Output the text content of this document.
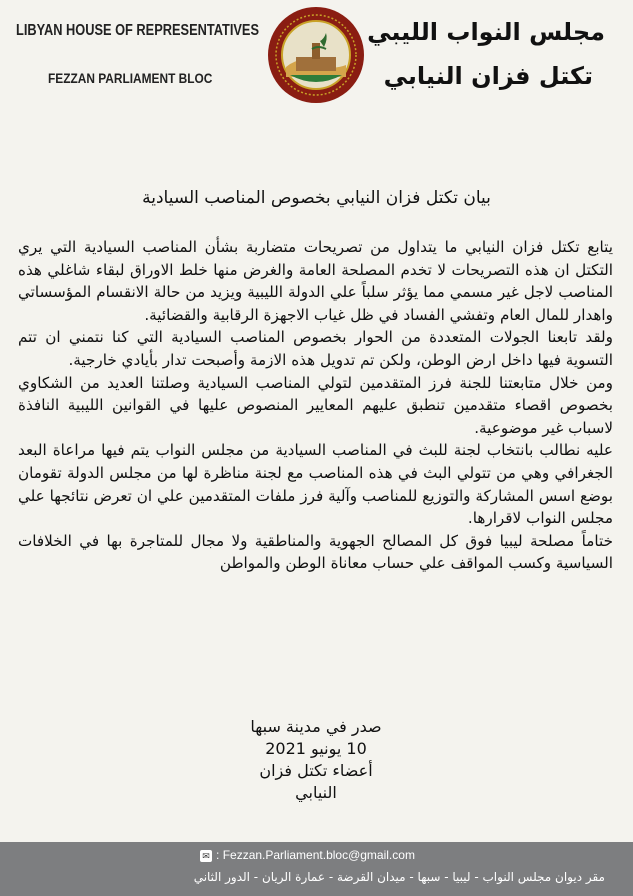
LIBYAN HOUSE OF REPRESENTATIVES
FEZZAN PARLIAMENT BLOC
مجلس النواب الليبي
تكتل فزان النيابي
بيان تكتل فزان النيابي بخصوص المناصب السيادية

يتابع تكتل فزان النيابي ما يتداول من تصريحات متضاربة بشأن المناصب السيادية التي يري التكتل ان هذه التصريحات لا تخدم المصلحة العامة والغرض منها خلط الاوراق لبقاء شاغلي هذه المناصب لاجل غير مسمي مما يؤثر سلباً علي الدولة الليبية ويزيد من حالة الانقسام المؤسساتي واهدار للمال العام وتفشي الفساد في ظل غياب الاجهزة الرقابية والقضائية.

ولقد تابعنا الجولات المتعددة من الحوار بخصوص المناصب السيادية التي كنا نتمني ان تتم التسوية فيها داخل ارض الوطن، ولكن تم تدويل هذه الازمة وأصبحت تدار بأيادي خارجية.

ومن خلال متابعتنا للجنة فرز المتقدمين لتولي المناصب السيادية وصلتنا العديد من الشكاوي بخصوص اقصاء متقدمين تنطبق عليهم المعايير المنصوص عليها في القوانين الليبية النافذة لاسباب غير موضوعية.

عليه نطالب بانتخاب لجنة للبث في المناصب السيادية من مجلس النواب يتم فيها مراعاة البعد الجغرافي وهي من تتولي البث في هذه المناصب مع لجنة مناظرة لها من مجلس الدولة تقومان بوضع اسس المشاركة والتوزيع للمناصب وآلية فرز ملفات المتقدمين علي ان تعرض نتائجها علي مجلس النواب لاقرارها.

ختاماً مصلحة ليبيا فوق كل المصالح الجهوية والمناطقية ولا مجال للمتاجرة بها في الخلافات السياسية وكسب المواقف علي حساب معاناة الوطن والمواطن

صدر في مدينة سبها
10 يونيو 2021
أعضاء تكتل فزان النيابي
✉ : Fezzan.Parliament.bloc@gmail.com
مقر ديوان مجلس النواب - ليبيا - سبها - ميدان القرضة - عمارة الريان - الدور الثاني
